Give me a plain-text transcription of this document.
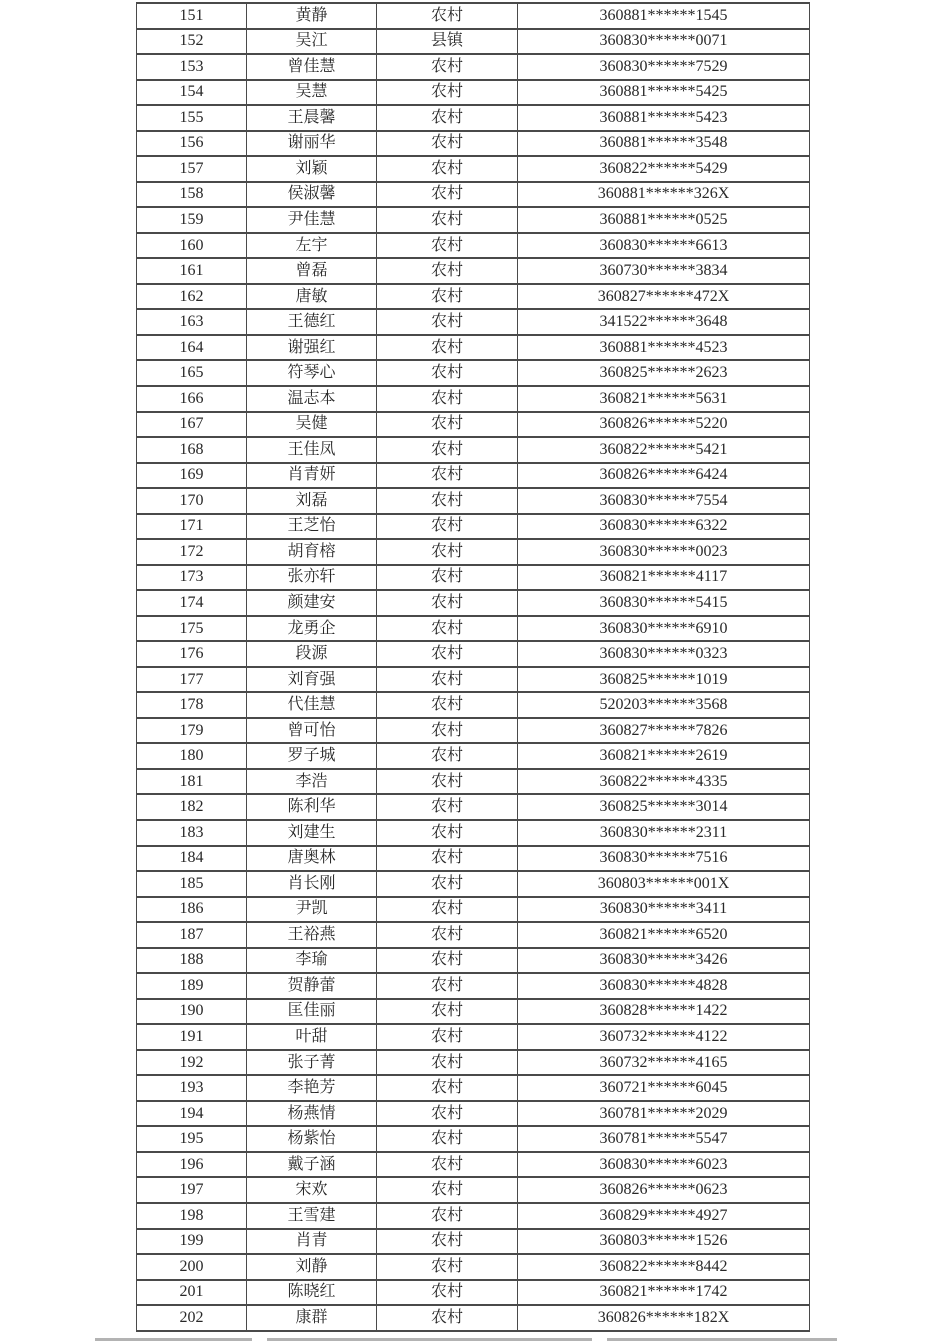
151	黄静	农村	360881******1545
152	吴江	县镇	360830******0071
153	曾佳慧	农村	360830******7529
154	吴慧	农村	360881******5425
155	王晨馨	农村	360881******5423
156	谢丽华	农村	360881******3548
157	刘颖	农村	360822******5429
158	侯淑馨	农村	360881******326X
159	尹佳慧	农村	360881******0525
160	左宇	农村	360830******6613
161	曾磊	农村	360730******3834
162	唐敏	农村	360827******472X
163	王德红	农村	341522******3648
164	谢强红	农村	360881******4523
165	符琴心	农村	360825******2623
166	温志本	农村	360821******5631
167	吴健	农村	360826******5220
168	王佳凤	农村	360822******5421
169	肖青妍	农村	360826******6424
170	刘磊	农村	360830******7554
171	王芝怡	农村	360830******6322
172	胡育榕	农村	360830******0023
173	张亦轩	农村	360821******4117
174	颜建安	农村	360830******5415
175	龙勇企	农村	360830******6910
176	段源	农村	360830******0323
177	刘育强	农村	360825******1019
178	代佳慧	农村	520203******3568
179	曾可怡	农村	360827******7826
180	罗子城	农村	360821******2619
181	李浩	农村	360822******4335
182	陈利华	农村	360825******3014
183	刘建生	农村	360830******2311
184	唐奥林	农村	360830******7516
185	肖长刚	农村	360803******001X
186	尹凯	农村	360830******3411
187	王裕燕	农村	360821******6520
188	李瑜	农村	360830******3426
189	贺静蕾	农村	360830******4828
190	匡佳丽	农村	360828******1422
191	叶甜	农村	360732******4122
192	张子菁	农村	360732******4165
193	李艳芳	农村	360721******6045
194	杨燕情	农村	360781******2029
195	杨紫怡	农村	360781******5547
196	戴子涵	农村	360830******6023
197	宋欢	农村	360826******0623
198	王雪建	农村	360829******4927
199	肖青	农村	360803******1526
200	刘静	农村	360822******8442
201	陈晓红	农村	360821******1742
202	康群	农村	360826******182X
